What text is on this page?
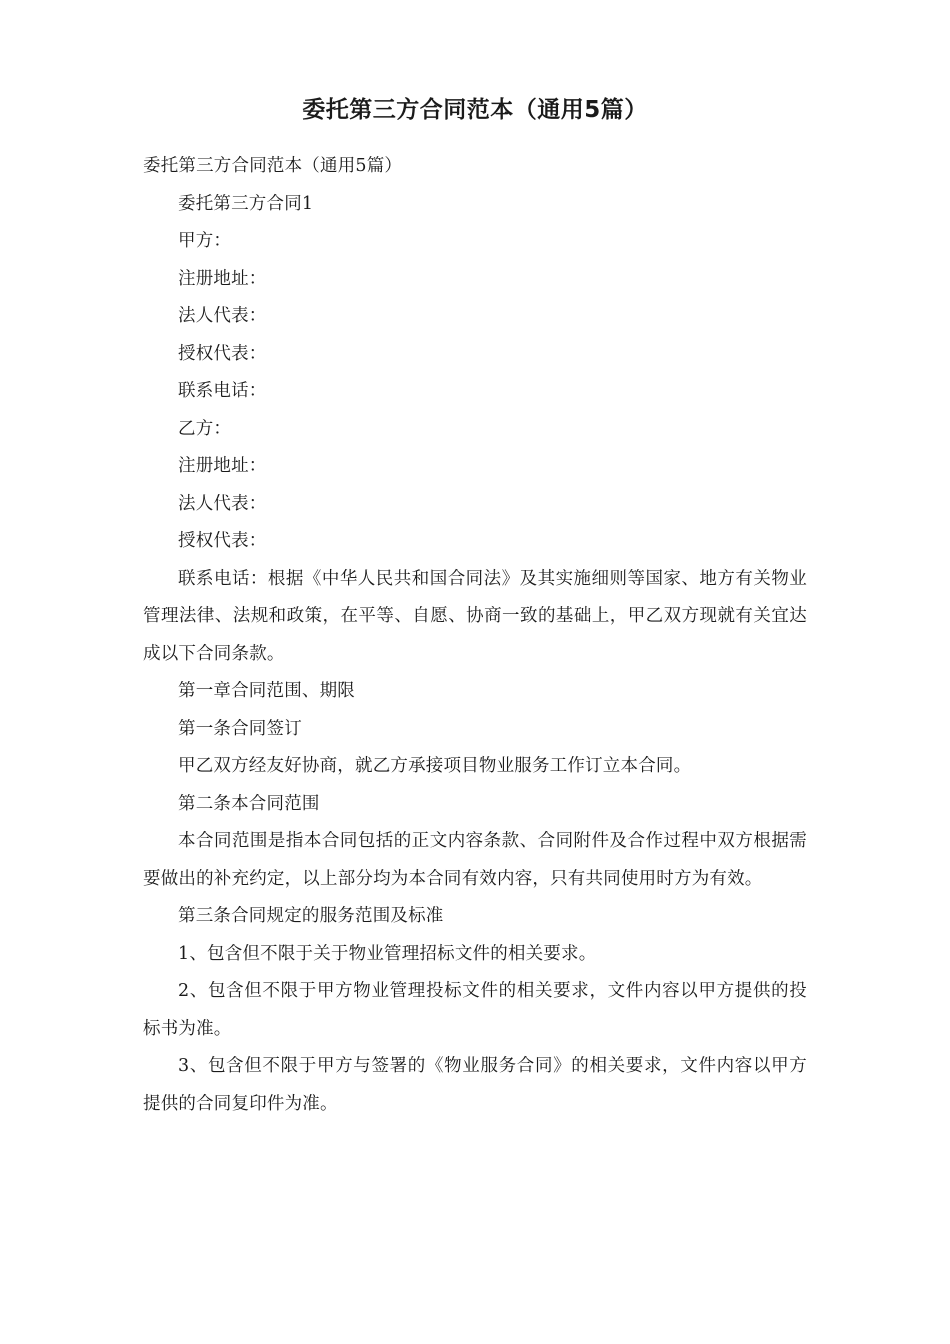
委托第三方合同范本（通用5篇）

委托第三方合同范本（通用5篇）

委托第三方合同1

甲方：

注册地址：

法人代表：

授权代表：

联系电话：

乙方：

注册地址：

法人代表：

授权代表：

联系电话：根据《中华人民共和国合同法》及其实施细则等国家、地方有关物业管理法律、法规和政策，在平等、自愿、协商一致的基础上，甲乙双方现就有关宜达成以下合同条款。

第一章合同范围、期限

第一条合同签订

甲乙双方经友好协商，就乙方承接项目物业服务工作订立本合同。

第二条本合同范围

本合同范围是指本合同包括的正文内容条款、合同附件及合作过程中双方根据需要做出的补充约定，以上部分均为本合同有效内容，只有共同使用时方为有效。

第三条合同规定的服务范围及标准

1、包含但不限于关于物业管理招标文件的相关要求。

2、包含但不限于甲方物业管理投标文件的相关要求，文件内容以甲方提供的投标书为准。

3、包含但不限于甲方与签署的《物业服务合同》的相关要求，文件内容以甲方提供的合同复印件为准。
